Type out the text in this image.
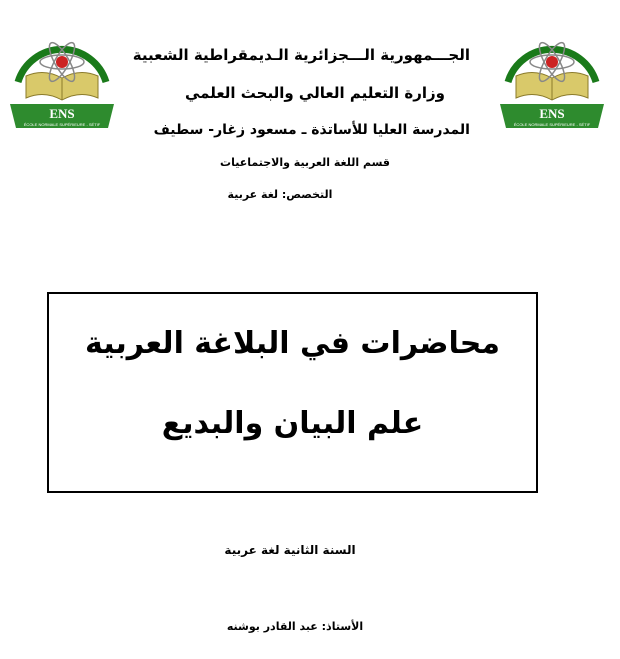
ENS
ÉCOLE NORMALE SUPÉRIEURE - SÉTIF
ENS
ÉCOLE NORMALE SUPÉRIEURE - SÉTIF
الجـــمهورية الـــجزائرية الـديمقراطية الشعبية
وزارة التعليم العالي والبحث العلمي
المدرسة العليا للأساتذة ـ مسعود زغار- سطيف
قسم اللغة العربية والاجتماعيات
التخصص: لغة عربية
محاضرات في البلاغة العربية
علم البيان والبديع
السنة الثانية لغة عربية
الأستاذ: عبد القادر بوشنه
